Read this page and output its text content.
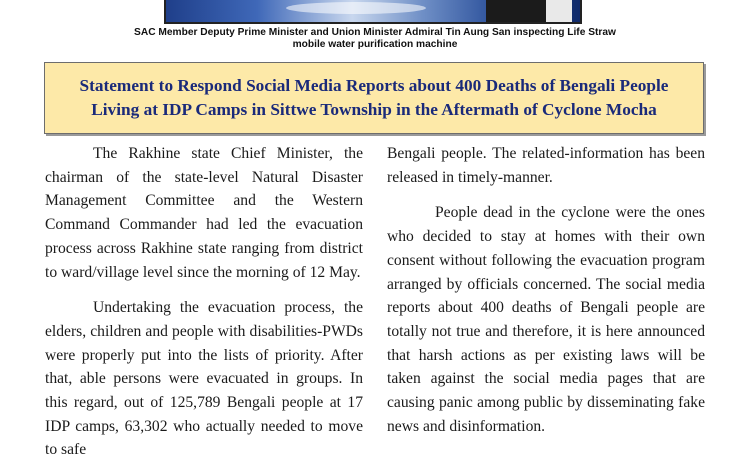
SAC Member Deputy Prime Minister and Union Minister Admiral Tin Aung San inspecting Life Straw
mobile water purification machine
Statement to Respond Social Media Reports about 400 Deaths of Bengali People
Living at IDP Camps in Sittwe Township in the Aftermath of Cyclone Mocha

The Rakhine state Chief Minister, the chairman of the state-level Natural Disaster Management Committee and the Western Command Commander had led the evacuation process across Rakhine state ranging from district to ward/village level since the morning of 12 May.

Undertaking the evacuation process, the elders, children and people with disabilities-PWDs were properly put into the lists of priority. After that, able persons were evacuated in groups. In this regard, out of 125,789 Bengali people at 17 IDP camps, 63,302 who actually needed to move to safe

Bengali people. The related-information has been released in timely-manner.

People dead in the cyclone were the ones who decided to stay at homes with their own consent without following the evacuation program arranged by officials concerned. The social media reports about 400 deaths of Bengali people are totally not true and therefore, it is here announced that harsh actions as per existing laws will be taken against the social media pages that are causing panic among public by disseminating fake news and disinformation.
